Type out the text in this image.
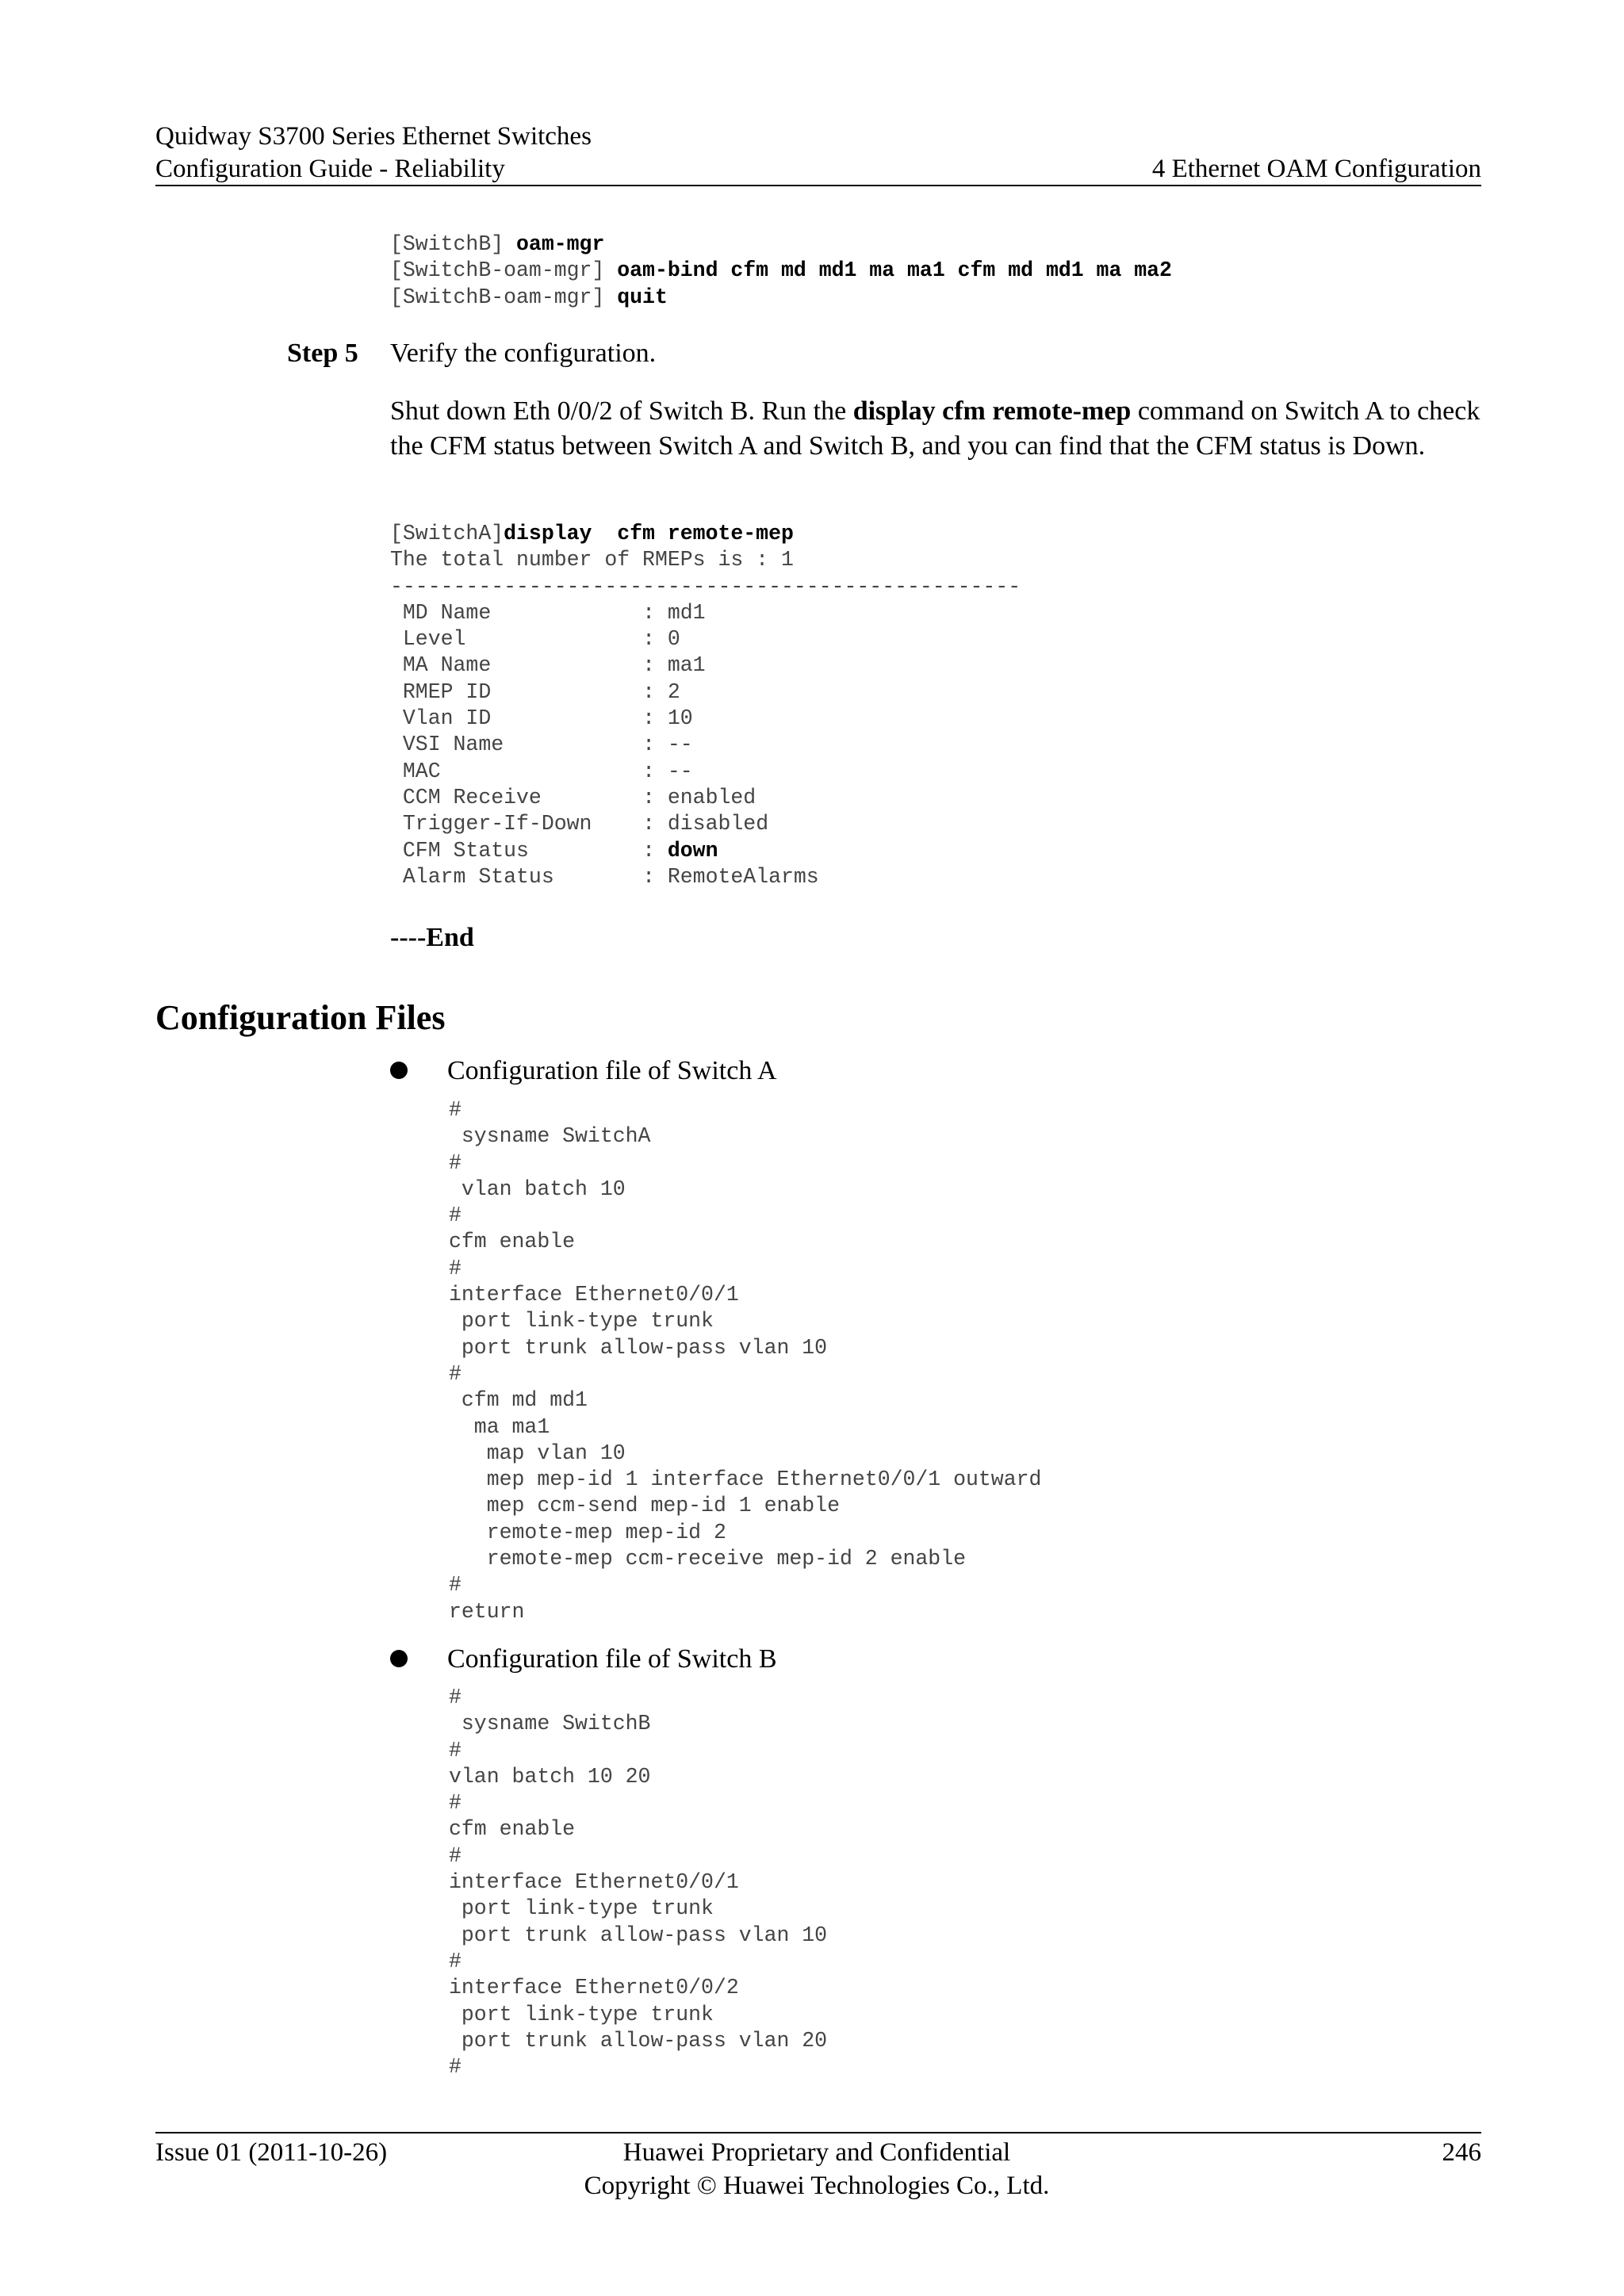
Quidway S3700 Series Ethernet Switches
Configuration Guide - Reliability	4 Ethernet OAM Configuration
[SwitchB] oam-mgr
[SwitchB-oam-mgr] oam-bind cfm md md1 ma ma1 cfm md md1 ma ma2
[SwitchB-oam-mgr] quit
Step 5 Verify the configuration.
Shut down Eth 0/0/2 of Switch B. Run the display cfm remote-mep command on Switch A to check the CFM status between Switch A and Switch B, and you can find that the CFM status is Down.
[SwitchA]display  cfm remote-mep
The total number of RMEPs is : 1
--------------------------------------------------
MD Name            : md1
Level              : 0
MA Name            : ma1
RMEP ID            : 2
Vlan ID            : 10
VSI Name           : --
MAC                : --
CCM Receive        : enabled
Trigger-If-Down    : disabled
CFM Status         : down
Alarm Status       : RemoteAlarms
----End
Configuration Files
Configuration file of Switch A
#
sysname SwitchA
#
vlan batch 10
#
cfm enable
#
interface Ethernet0/0/1
port link-type trunk
port trunk allow-pass vlan 10
#
cfm md md1
ma ma1
map vlan 10
mep mep-id 1 interface Ethernet0/0/1 outward
mep ccm-send mep-id 1 enable
remote-mep mep-id 2
remote-mep ccm-receive mep-id 2 enable
#
return
Configuration file of Switch B
#
sysname SwitchB
#
vlan batch 10 20
#
cfm enable
#
interface Ethernet0/0/1
port link-type trunk
port trunk allow-pass vlan 10
#
interface Ethernet0/0/2
port link-type trunk
port trunk allow-pass vlan 20
#
Issue 01 (2011-10-26)	Huawei Proprietary and Confidential
Copyright © Huawei Technologies Co., Ltd.
246
